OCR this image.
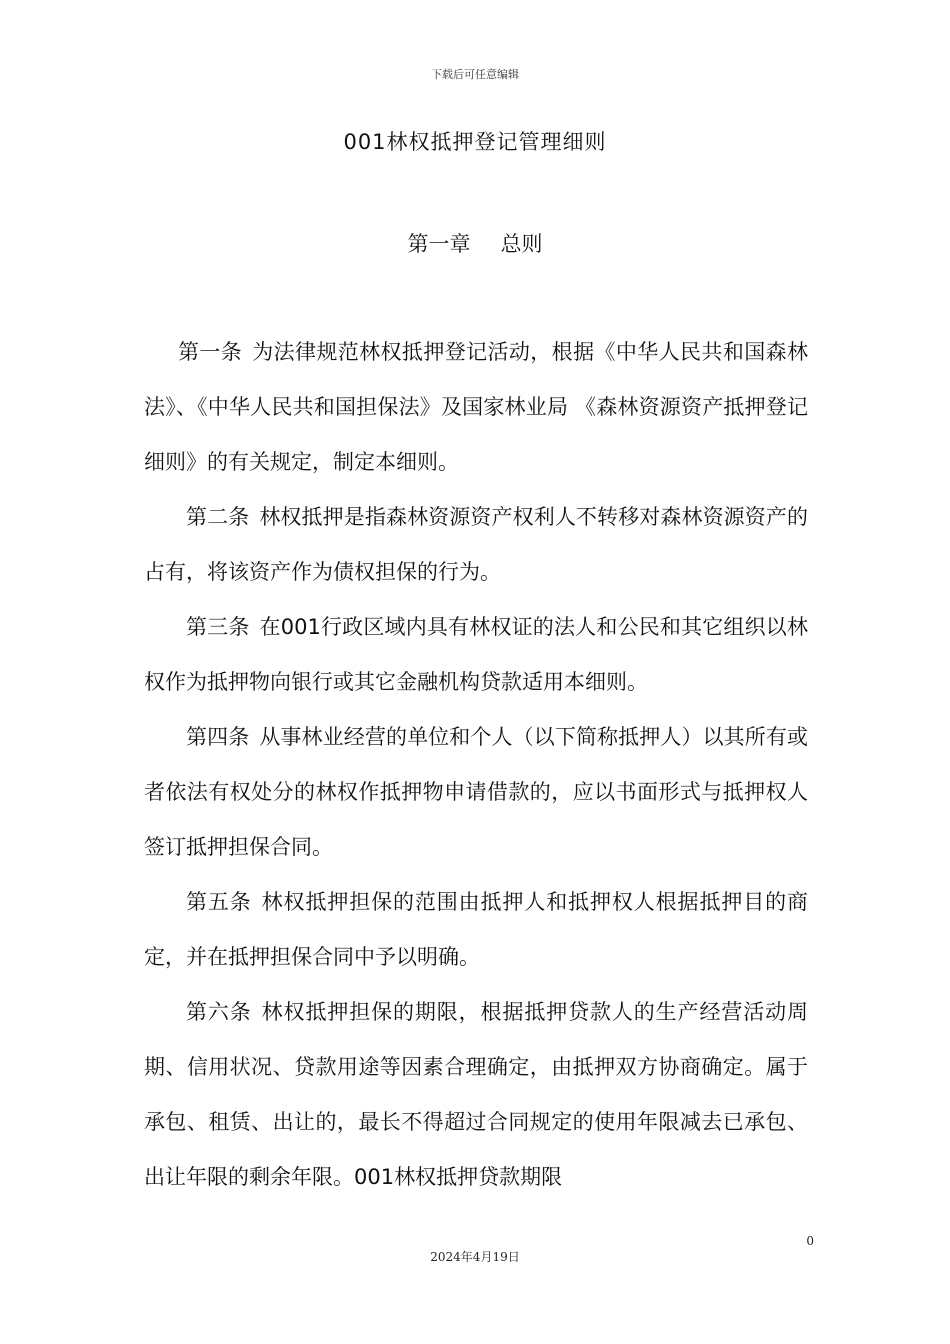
下载后可任意编辑
001林权抵押登记管理细则
第一章 总则

第一条 为法律规范林权抵押登记活动，根据《中华人民共和国森林法》、《中华人民共和国担保法》及国家林业局 《森林资源资产抵押登记细则》的有关规定，制定本细则。

第二条 林权抵押是指森林资源资产权利人不转移对森林资源资产的占有，将该资产作为债权担保的行为。

第三条 在001行政区域内具有林权证的法人和公民和其它组织以林权作为抵押物向银行或其它金融机构贷款适用本细则。

第四条 从事林业经营的单位和个人（以下简称抵押人）以其所有或者依法有权处分的林权作抵押物申请借款的，应以书面形式与抵押权人签订抵押担保合同。

第五条 林权抵押担保的范围由抵押人和抵押权人根据抵押目的商定，并在抵押担保合同中予以明确。

第六条 林权抵押担保的期限，根据抵押贷款人的生产经营活动周期、信用状况、贷款用途等因素合理确定，由抵押双方协商确定。属于承包、租赁、出让的，最长不得超过合同规定的使用年限减去已承包、出让年限的剩余年限。001林权抵押贷款期限

0
2024年4月19日
